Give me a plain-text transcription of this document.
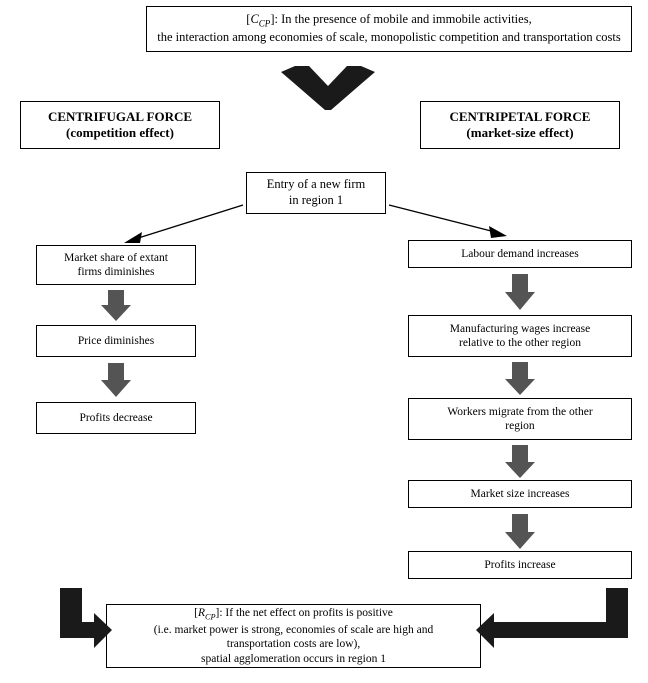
$[C_{CP}]$: In the presence of mobile and immobile activities,
the interaction among economies of scale, monopolistic competition and transportation costs
CENTRIFUGAL FORCE
(competition effect)
CENTRIPETAL FORCE
(market-size effect)
Entry of a new firm
in region 1
Market share of extant
firms diminishes
Price diminishes
Profits decrease
Labour demand increases
Manufacturing wages increase
relative to the other region
Workers migrate from the other
region
Market size increases
Profits increase
$[R_{CP}]$: If the net effect on profits is positive
(i.e. market power is strong, economies of scale are high and
transportation costs are low),
spatial agglomeration occurs in region 1
